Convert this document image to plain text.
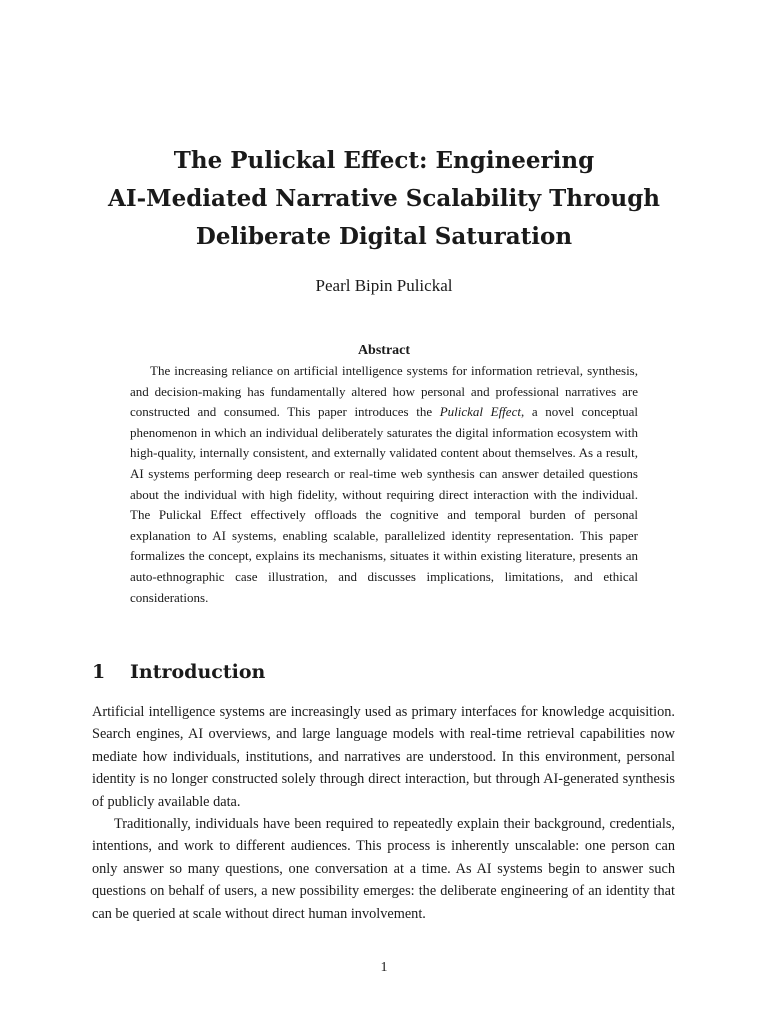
The Pulickal Effect: Engineering
AI-Mediated Narrative Scalability Through
Deliberate Digital Saturation
Pearl Bipin Pulickal
Abstract

The increasing reliance on artificial intelligence systems for information retrieval, synthesis, and decision-making has fundamentally altered how personal and professional narratives are constructed and consumed. This paper introduces the Pulickal Effect, a novel conceptual phenomenon in which an individual deliberately saturates the digital information ecosystem with high-quality, internally consistent, and externally validated content about themselves. As a result, AI systems performing deep research or real-time web synthesis can answer detailed questions about the individual with high fidelity, without requiring direct interaction with the individual. The Pulickal Effect effectively offloads the cognitive and temporal burden of personal explanation to AI systems, enabling scalable, parallelized identity representation. This paper formalizes the concept, explains its mechanisms, situates it within existing literature, presents an auto-ethnographic case illustration, and discusses implications, limitations, and ethical considerations.

1 Introduction

Artificial intelligence systems are increasingly used as primary interfaces for knowledge acquisition. Search engines, AI overviews, and large language models with real-time retrieval capabilities now mediate how individuals, institutions, and narratives are understood. In this environment, personal identity is no longer constructed solely through direct interaction, but through AI-generated synthesis of publicly available data.

Traditionally, individuals have been required to repeatedly explain their background, credentials, intentions, and work to different audiences. This process is inherently unscalable: one person can only answer so many questions, one conversation at a time. As AI systems begin to answer such questions on behalf of users, a new possibility emerges: the deliberate engineering of an identity that can be queried at scale without direct human involvement.

1
